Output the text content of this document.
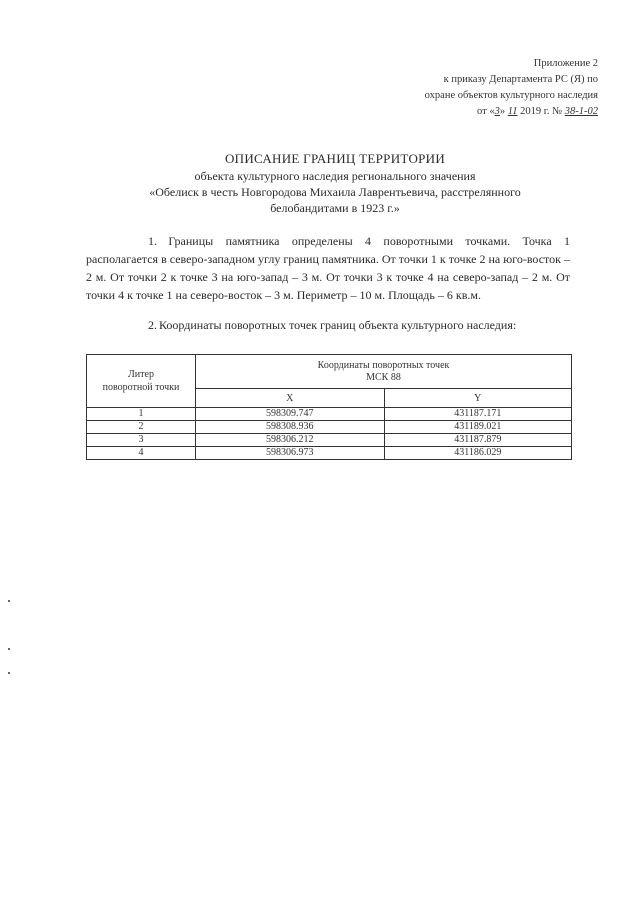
Приложение 2
к приказу Департамента РС (Я) по
охране объектов культурного наследия
от «3» 11 2019 г. № 38-1-02
ОПИСАНИЕ ГРАНИЦ ТЕРРИТОРИИ
объекта культурного наследия регионального значения
«Обелиск в честь Новгородова Михаила Лаврентьевича, расстрелянного
белобандитами в 1923 г.»
1. Границы памятника определены 4 поворотными точками. Точка 1 располагается в северо-западном углу границ памятника. От точки 1 к точке 2 на юго-восток – 2 м. От точки 2 к точке 3 на юго-запад – 3 м. От точки 3 к точке 4 на северо-запад – 2 м. От точки 4 к точке 1 на северо-восток – 3 м. Периметр – 10 м. Площадь – 6 кв.м.
2. Координаты поворотных точек границ объекта культурного наследия:
Литер
поворотной точки	Координаты поворотных точек
МСК 88	
	X	Y
1	598309.747	431187.171
2	598308.936	431189.021
3	598306.212	431187.879
4	598306.973	431186.029
